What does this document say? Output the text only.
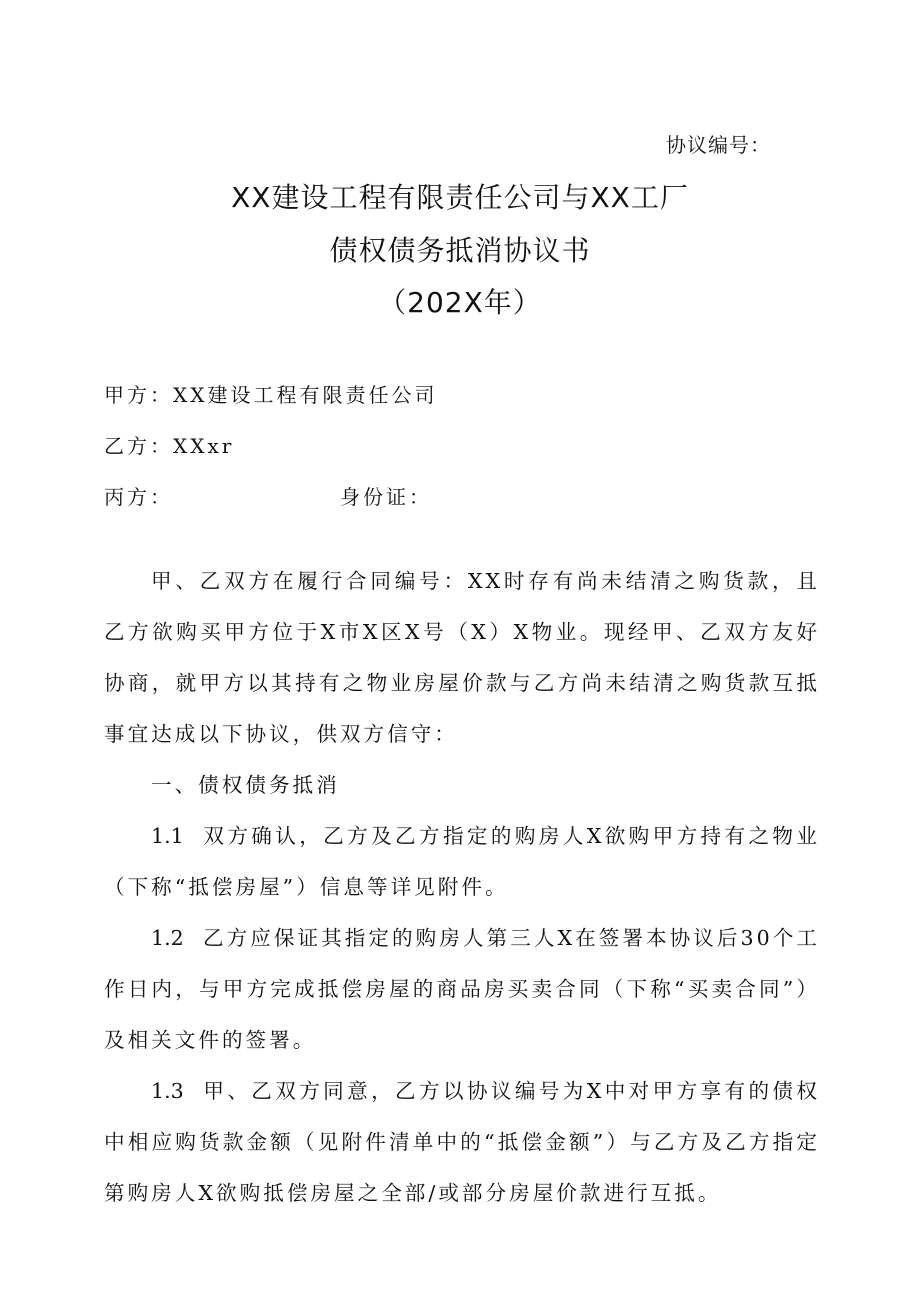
协议编号：
XX建设工程有限责任公司与XX工厂
债权债务抵消协议书
（202X年）
甲方：XX建设工程有限责任公司
乙方：XXxr
丙方：	身份证：
甲、乙双方在履行合同编号：XX时存有尚未结清之购货款，且乙方欲购买甲方位于X市X区X号（X）X物业。现经甲、乙双方友好协商，就甲方以其持有之物业房屋价款与乙方尚未结清之购货款互抵事宜达成以下协议，供双方信守：
一、债权债务抵消
1.1 双方确认，乙方及乙方指定的购房人X欲购甲方持有之物业（下称“抵偿房屋”）信息等详见附件。
1.2 乙方应保证其指定的购房人第三人X在签署本协议后30个工作日内，与甲方完成抵偿房屋的商品房买卖合同（下称“买卖合同”）及相关文件的签署。
1.3 甲、乙双方同意，乙方以协议编号为X中对甲方享有的债权中相应购货款金额（见附件清单中的“抵偿金额”）与乙方及乙方指定第购房人X欲购抵偿房屋之全部/或部分房屋价款进行互抵。
